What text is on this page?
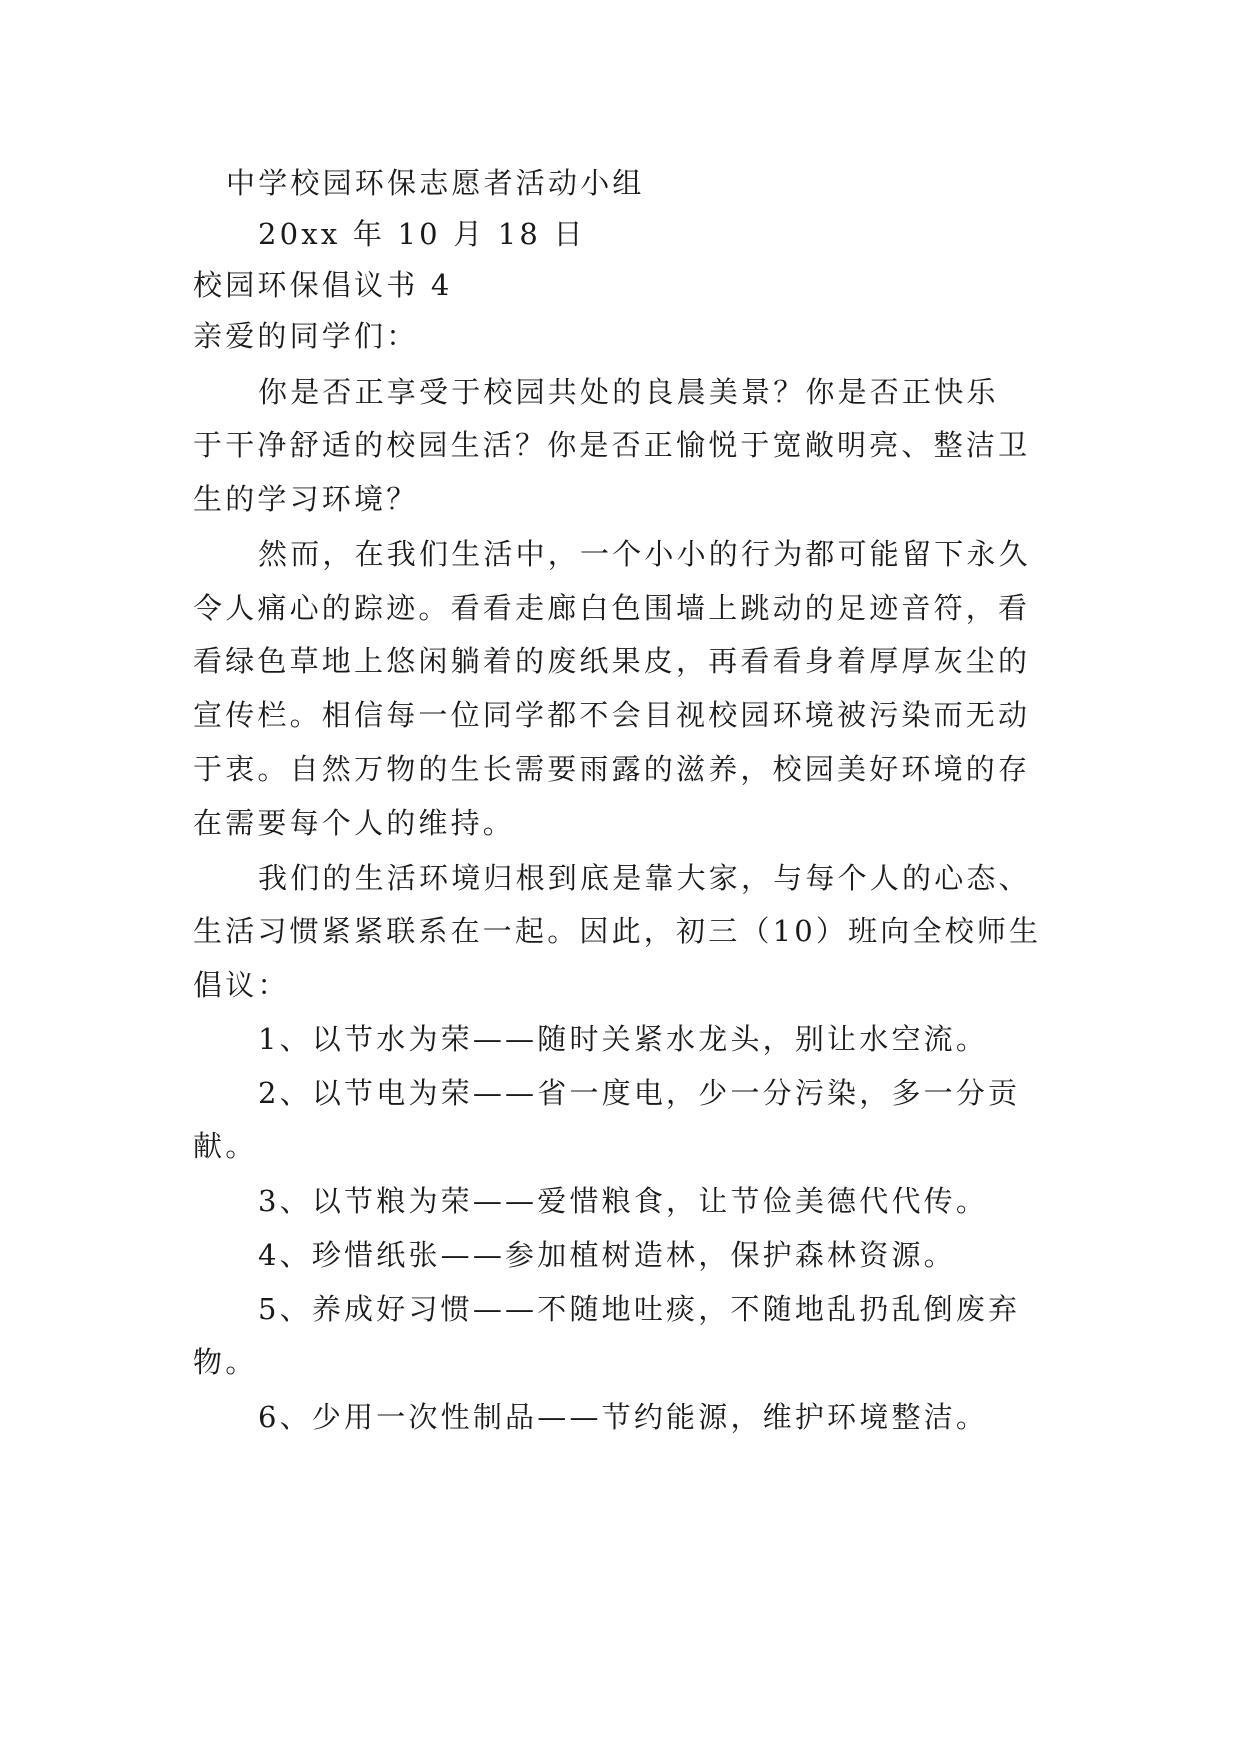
中学校园环保志愿者活动小组
20xx 年 10 月 18 日
校园环保倡议书 4
亲爱的同学们：
你是否正享受于校园共处的良晨美景？你是否正快乐
于干净舒适的校园生活？你是否正愉悦于宽敞明亮、整洁卫
生的学习环境？
然而，在我们生活中，一个小小的行为都可能留下永久
令人痛心的踪迹。看看走廊白色围墙上跳动的足迹音符，看
看绿色草地上悠闲躺着的废纸果皮，再看看身着厚厚灰尘的
宣传栏。相信每一位同学都不会目视校园环境被污染而无动
于衷。自然万物的生长需要雨露的滋养，校园美好环境的存
在需要每个人的维持。
我们的生活环境归根到底是靠大家，与每个人的心态、
生活习惯紧紧联系在一起。因此，初三（10）班向全校师生
倡议：
1、以节水为荣——随时关紧水龙头，别让水空流。
2、以节电为荣——省一度电，少一分污染，多一分贡
献。
3、以节粮为荣——爱惜粮食，让节俭美德代代传。
4、珍惜纸张——参加植树造林，保护森林资源。
5、养成好习惯——不随地吐痰，不随地乱扔乱倒废弃
物。
6、少用一次性制品——节约能源，维护环境整洁。
